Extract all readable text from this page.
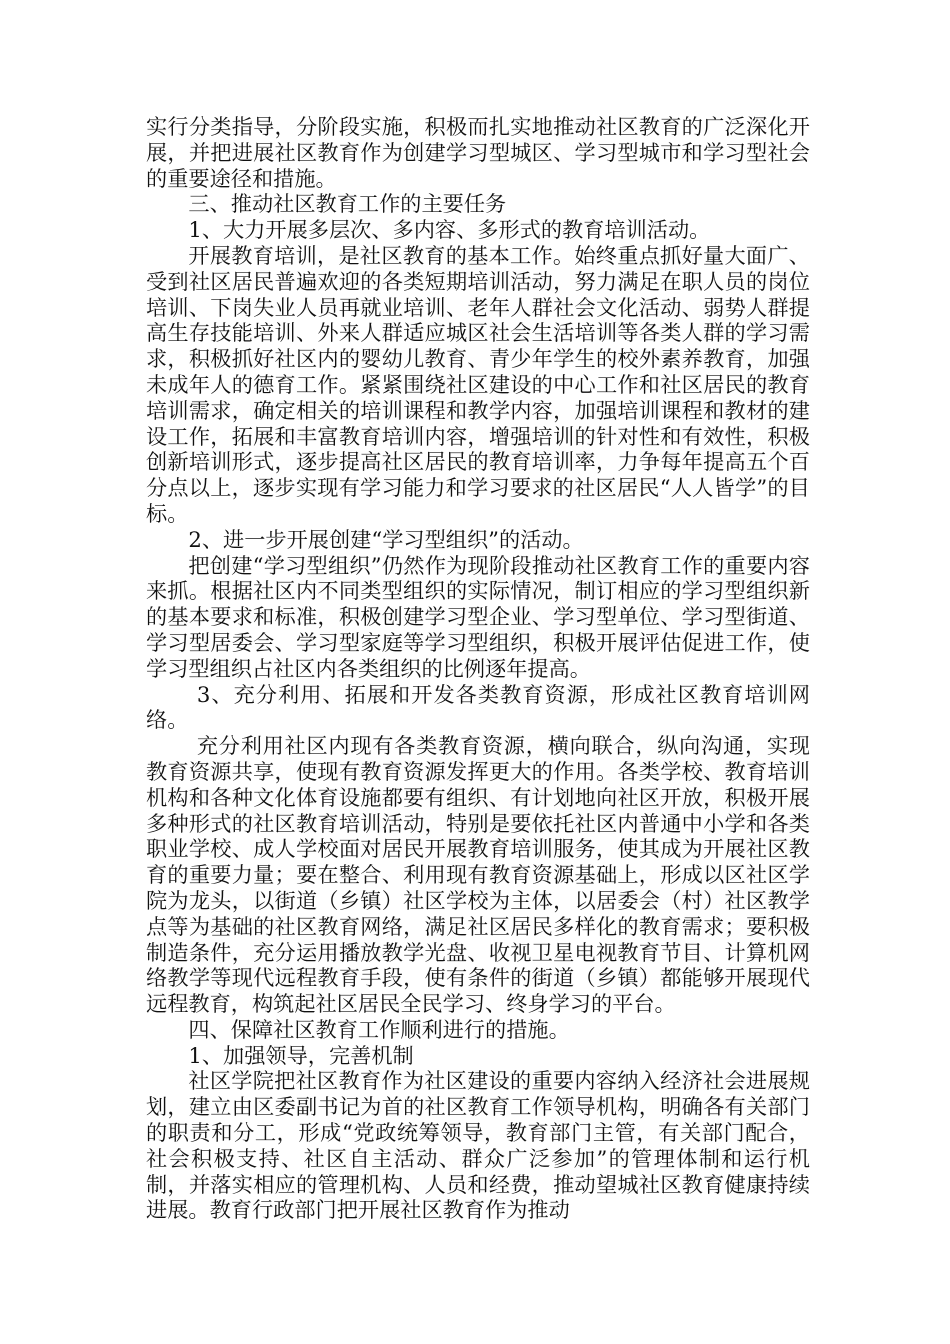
实行分类指导，分阶段实施，积极而扎实地推动社区教育的广泛深化开展，并把进展社区教育作为创建学习型城区、学习型城市和学习型社会的重要途径和措施。

三、推动社区教育工作的主要任务

1、大力开展多层次、多内容、多形式的教育培训活动。

开展教育培训，是社区教育的基本工作。始终重点抓好量大面广、受到社区居民普遍欢迎的各类短期培训活动，努力满足在职人员的岗位培训、下岗失业人员再就业培训、老年人群社会文化活动、弱势人群提高生存技能培训、外来人群适应城区社会生活培训等各类人群的学习需求，积极抓好社区内的婴幼儿教育、青少年学生的校外素养教育，加强未成年人的德育工作。紧紧围绕社区建设的中心工作和社区居民的教育培训需求，确定相关的培训课程和教学内容，加强培训课程和教材的建设工作，拓展和丰富教育培训内容，增强培训的针对性和有效性，积极创新培训形式，逐步提高社区居民的教育培训率，力争每年提高五个百分点以上，逐步实现有学习能力和学习要求的社区居民“人人皆学”的目标。

2、进一步开展创建“学习型组织”的活动。

把创建“学习型组织”仍然作为现阶段推动社区教育工作的重要内容来抓。根据社区内不同类型组织的实际情况，制订相应的学习型组织新的基本要求和标准，积极创建学习型企业、学习型单位、学习型街道、学习型居委会、学习型家庭等学习型组织，积极开展评估促进工作，使学习型组织占社区内各类组织的比例逐年提高。

3、充分利用、拓展和开发各类教育资源，形成社区教育培训网络。

充分利用社区内现有各类教育资源，横向联合，纵向沟通，实现教育资源共享，使现有教育资源发挥更大的作用。各类学校、教育培训机构和各种文化体育设施都要有组织、有计划地向社区开放，积极开展多种形式的社区教育培训活动，特别是要依托社区内普通中小学和各类职业学校、成人学校面对居民开展教育培训服务，使其成为开展社区教育的重要力量；要在整合、利用现有教育资源基础上，形成以区社区学院为龙头，以街道（乡镇）社区学校为主体，以居委会（村）社区教学点等为基础的社区教育网络，满足社区居民多样化的教育需求；要积极制造条件，充分运用播放教学光盘、收视卫星电视教育节目、计算机网络教学等现代远程教育手段，使有条件的街道（乡镇）都能够开展现代远程教育，构筑起社区居民全民学习、终身学习的平台。

四、保障社区教育工作顺利进行的措施。

1、加强领导，完善机制

社区学院把社区教育作为社区建设的重要内容纳入经济社会进展规划，建立由区委副书记为首的社区教育工作领导机构，明确各有关部门的职责和分工，形成“党政统筹领导，教育部门主管，有关部门配合，社会积极支持、社区自主活动、群众广泛参加”的管理体制和运行机制，并落实相应的管理机构、人员和经费，推动望城社区教育健康持续进展。教育行政部门把开展社区教育作为推动
